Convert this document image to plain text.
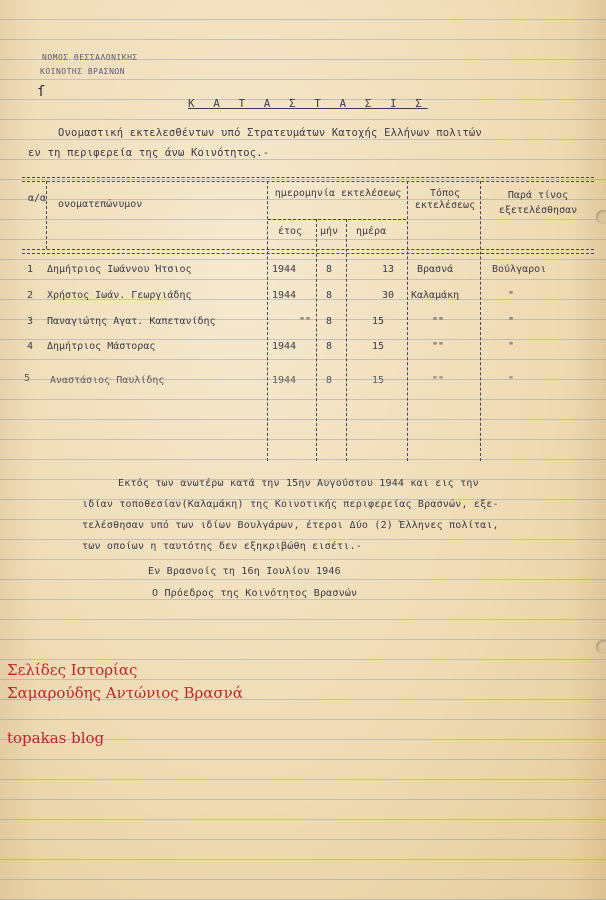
ΝΟΜΟΣ ΘΕΣΣΑΛΟΝΙΚΗΣ
ΚΟΙΝΟΤΗΣ ΒΡΑΣΝΩΝ
ſ
Κ Α Τ Α Σ Τ Α Σ Ι Σ
Ονομαστική εκτελεσθέντων υπό Στρατευμάτων Κατοχής Ελλήνων πολιτών
εν τη περιφερεία της άνω Κοινότητος.-
α/α
ονοματεπώνυμον
ημερομηνία εκτελέσεως
έτος μήν ημέρα
Τόπος εκτελέσεως
Παρά τίνος εξετελέσθησαν
1 Δημήτριος Ιωάννου Ήτσιος	1944	8	13 Βρασνά	Βούλγαροι
2 Χρήστος Ιωάν. Γεωργιάδης	1944	8	30 Καλαμάκη	"
3 Παναγιώτης Αγατ. Καπετανίδης	"" 8	15	""	"
4 Δημήτριος Μάστορας	1944	8	15	""	"
5 Αναστάσιος Παυλίδης	1944	8	15	""	"
Εκτός των ανωτέρω κατά την 15ην Αυγούστου 1944 και εις την
ιδίαν τοποθεσίαν(Καλαμάκη) της Κοινοτικής περιφερείας Βρασνών, εξε-
τελέσθησαν υπό των ιδίων Βουλγάρων, έτεροι Δύο (2) Έλληνες πολίται,
των οποίων η ταυτότης δεν εξηκριβώθη εισέτι.-
Εν Βρασνοίς τη 16η Ιουλίου 1946
Ο Πρόεδρος της Κοινότητος Βρασνών
Σελίδες Ιστορίας
Σαμαρούδης Αντώνιος Βρασνά
topakas blog
